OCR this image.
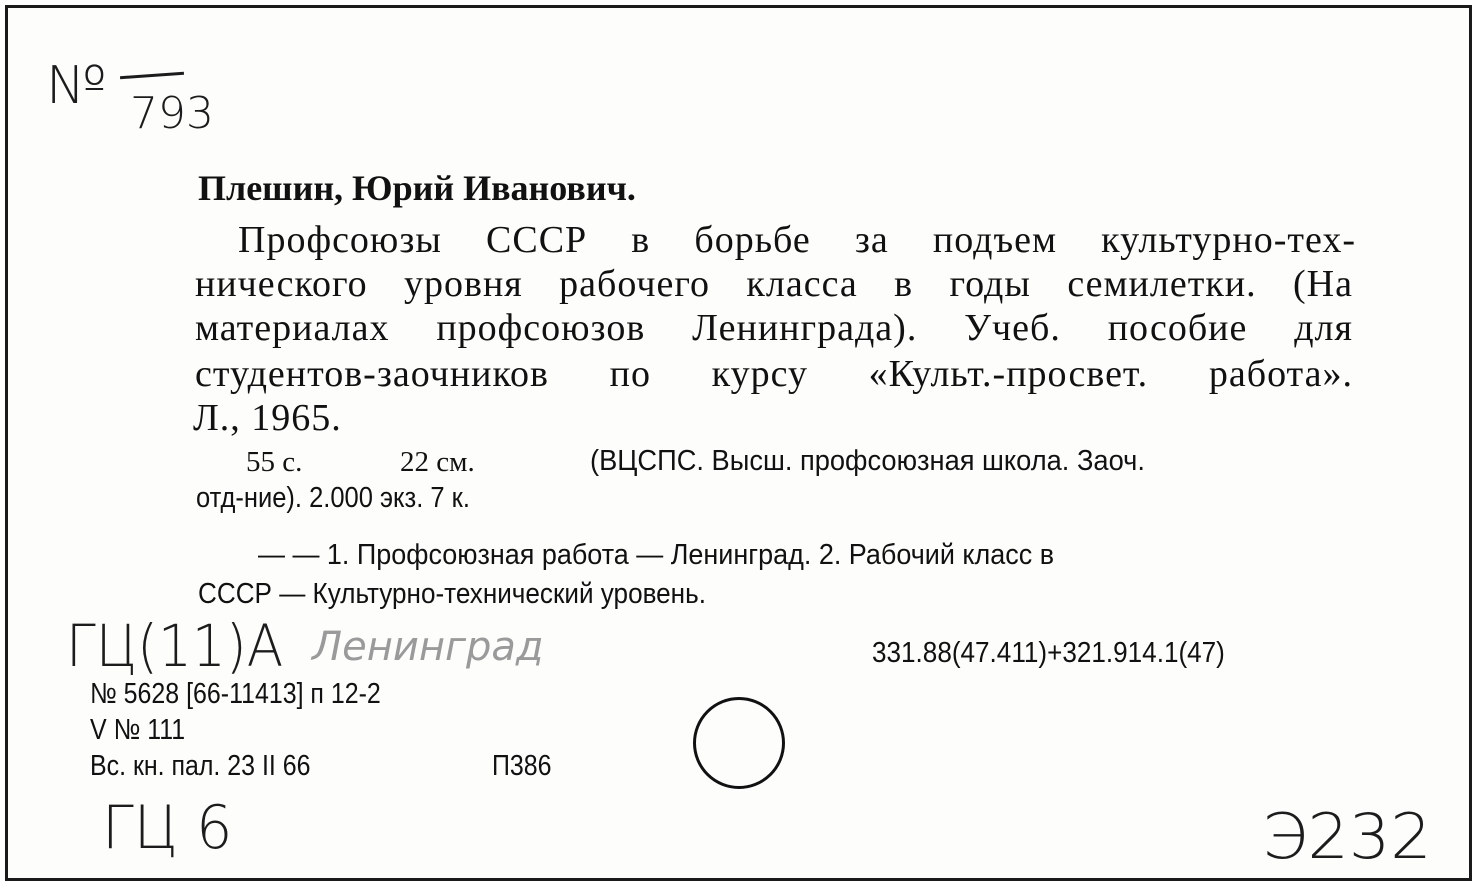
№ 793
Плешин, Юрий Иванович.
Профсоюзы СССР в борьбе за подъем культурно-тех-
нического уровня рабочего класса в годы семилетки. (На
материалах профсоюзов Ленинграда). Учеб. пособие для
студентов-заочников по курсу «Культ.-просвет. работа».
Л., 1965.
55 с.	22 см.	(ВЦСПС. Высш. профсоюзная школа. Заоч.
отд-ние). 2.000 экз. 7 к.
— — 1. Профсоюзная работа — Ленинград. 2. Рабочий класс в
СССР — Культурно-технический уровень.
ГЦ(11)А Ленинград	331.88(47.411)+321.914.1(47)
№ 5628 [66-11413] п 12-2
V № 111
Вс. кн. пал. 23 II 66	П386
ГЦ 6	Э232
